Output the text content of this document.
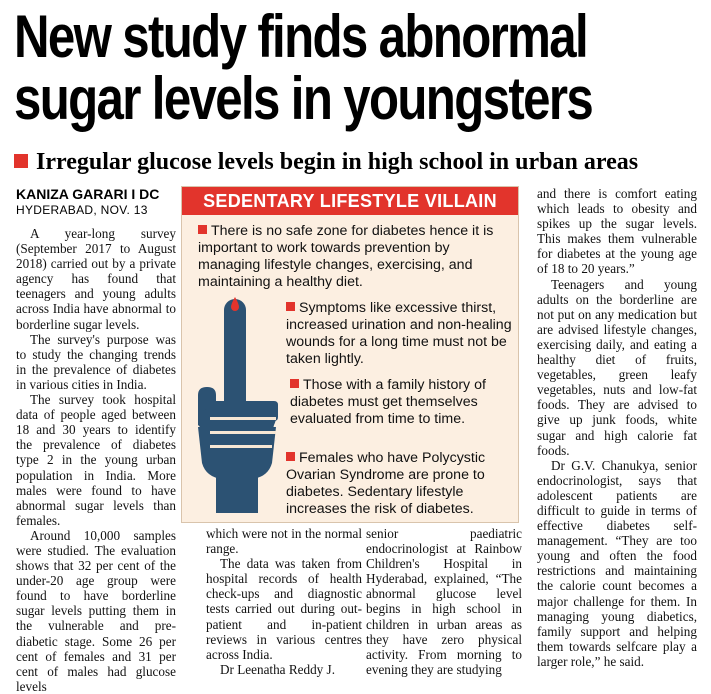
New study finds abnormal
sugar levels in youngsters
Irregular glucose levels begin in high school in urban areas
KANIZA GARARI I DC
HYDERABAD, NOV. 13

A year-long survey (September 2017 to August 2018) carried out by a private agency has found that teenagers and young adults across India have abnormal to borderline sugar levels.

The survey's purpose was to study the changing trends in the prevalence of diabetes in various cities in India.

The survey took hospital data of people aged between 18 and 30 years to identify the prevalence of diabetes type 2 in the young urban population in India. More males were found to have abnormal sugar levels than females.

Around 10,000 samples were studied. The evaluation shows that 32 per cent of the under-20 age group were found to have borderline sugar levels putting them in the vulnerable and pre-diabetic stage. Some 26 per cent of females and 31 per cent of males had glucose levels

SEDENTARY LIFESTYLE VILLAIN
There is no safe zone for diabetes hence it is important to work towards prevention by managing lifestyle changes, exercising, and maintaining a healthy diet.
Symptoms like excessive thirst, increased urination and non-healing wounds for a long time must not be taken lightly.
Those with a family history of diabetes must get themselves evaluated from time to time.
Females who have Polycystic Ovarian Syndrome are prone to diabetes. Sedentary lifestyle increases the risk of diabetes.

which were not in the normal range.

The data was taken from hospital records of health check-ups and diagnostic tests carried out during out-patient and in-patient reviews in various centres across India.

Dr Leenatha Reddy J.

senior paediatric endocrinologist at Rainbow Children's Hospital in Hyderabad, explained, “The abnormal glucose level begins in high school in children in urban areas as they have zero physical activity. From morning to evening they are studying

and there is comfort eating which leads to obesity and spikes up the sugar levels. This makes them vulnerable for diabetes at the young age of 18 to 20 years.”

Teenagers and young adults on the borderline are not put on any medication but are advised lifestyle changes, exercising daily, and eating a healthy diet of fruits, vegetables, green leafy vegetables, nuts and low-fat foods. They are advised to give up junk foods, white sugar and high calorie fat foods.

Dr G.V. Chanukya, senior endocrinologist, says that adolescent patients are difficult to guide in terms of effective diabetes self-management. “They are too young and often the food restrictions and maintaining the calorie count becomes a major challenge for them. In managing young diabetics, family support and helping them towards selfcare play a larger role,” he said.
